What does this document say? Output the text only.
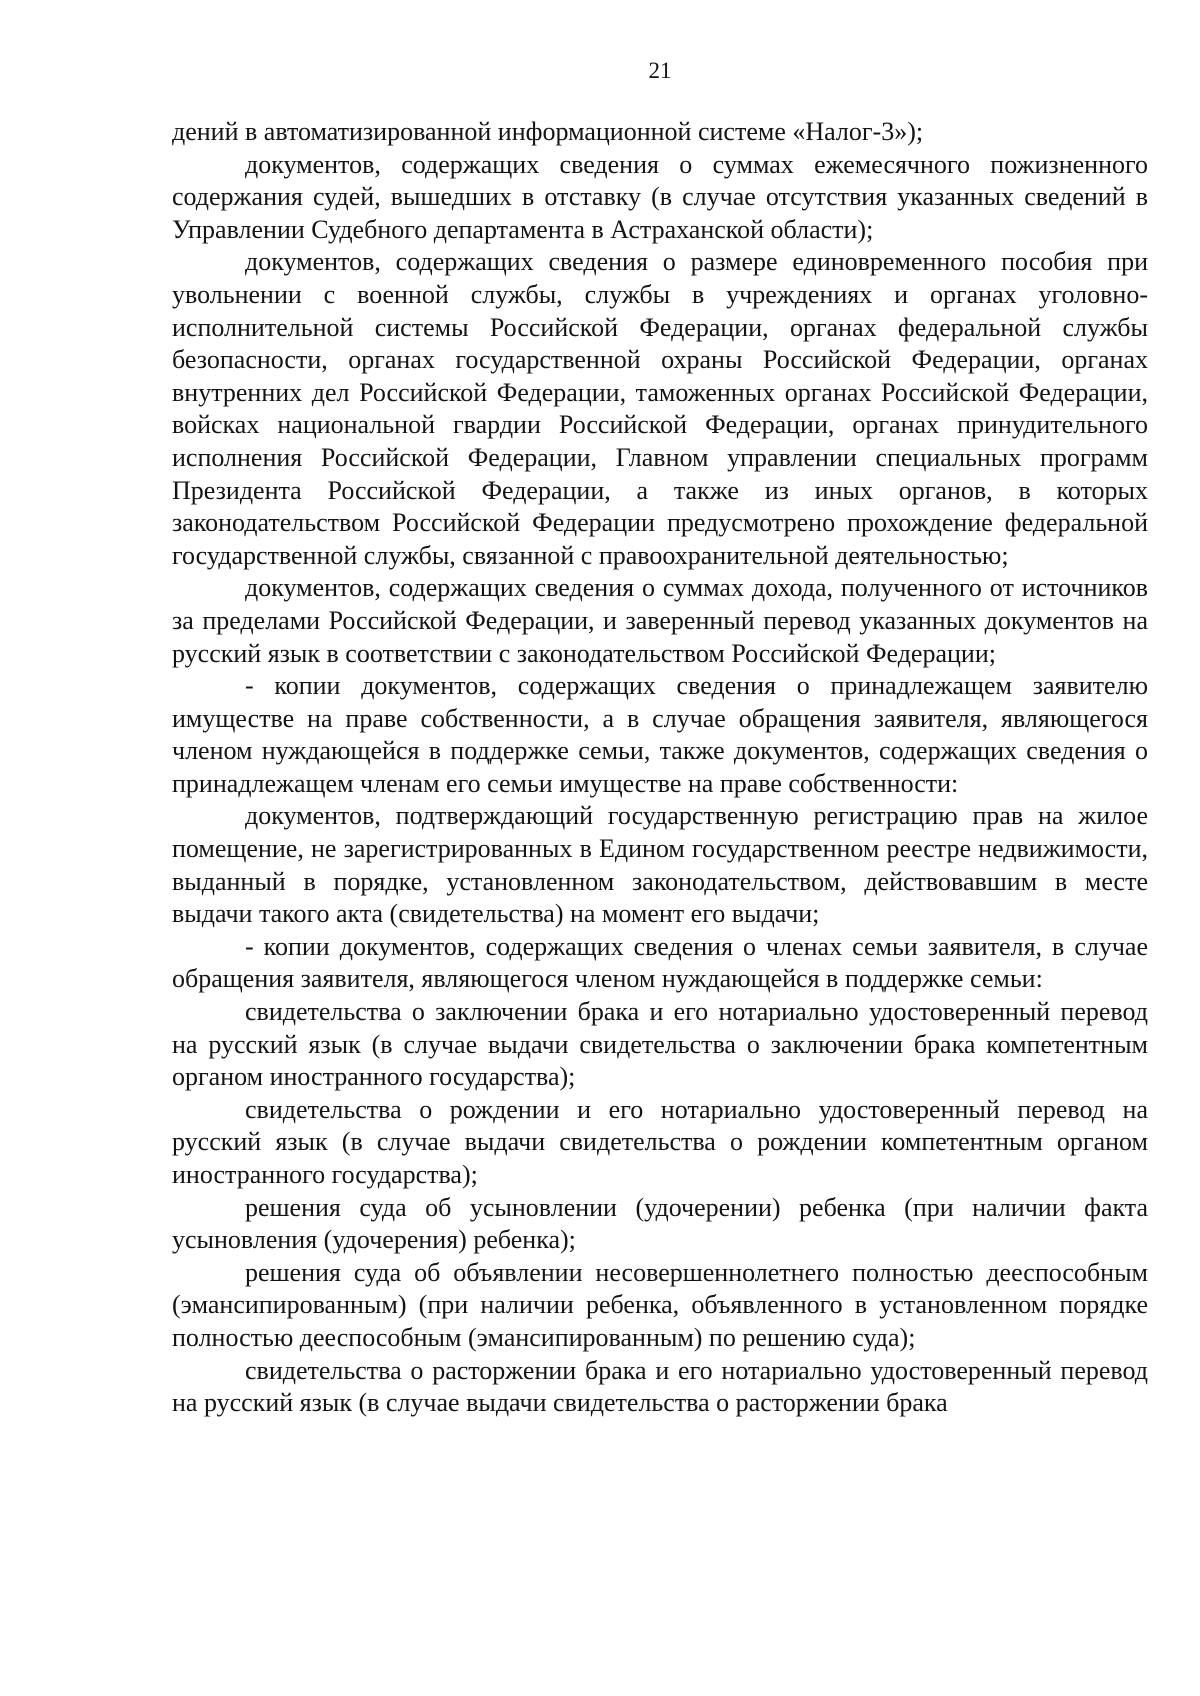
21

дений в автоматизированной информационной системе «Налог-3»);

документов, содержащих сведения о суммах ежемесячного пожизненного содержания судей, вышедших в отставку (в случае отсутствия указанных сведений в Управлении Судебного департамента в Астраханской области);

документов, содержащих сведения о размере единовременного пособия при увольнении с военной службы, службы в учреждениях и органах уголовно-исполнительной системы Российской Федерации, органах федеральной службы безопасности, органах государственной охраны Российской Федерации, органах внутренних дел Российской Федерации, таможенных органах Российской Федерации, войсках национальной гвардии Российской Федерации, органах принудительного исполнения Российской Федерации, Главном управлении специальных программ Президента Российской Федерации, а также из иных органов, в которых законодательством Российской Федерации предусмотрено прохождение федеральной государственной службы, связанной с правоохранительной деятельностью;

документов, содержащих сведения о суммах дохода, полученного от источников за пределами Российской Федерации, и заверенный перевод указанных документов на русский язык в соответствии с законодательством Российской Федерации;

- копии документов, содержащих сведения о принадлежащем заявителю имуществе на праве собственности, а в случае обращения заявителя, являющегося членом нуждающейся в поддержке семьи, также документов, содержащих сведения о принадлежащем членам его семьи имуществе на праве собственности:

документов, подтверждающий государственную регистрацию прав на жилое помещение, не зарегистрированных в Едином государственном реестре недвижимости, выданный в порядке, установленном законодательством, действовавшим в месте выдачи такого акта (свидетельства) на момент его выдачи;

- копии документов, содержащих сведения о членах семьи заявителя, в случае обращения заявителя, являющегося членом нуждающейся в поддержке семьи:

свидетельства о заключении брака и его нотариально удостоверенный перевод на русский язык (в случае выдачи свидетельства о заключении брака компетентным органом иностранного государства);

свидетельства о рождении и его нотариально удостоверенный перевод на русский язык (в случае выдачи свидетельства о рождении компетентным органом иностранного государства);

решения суда об усыновлении (удочерении) ребенка (при наличии факта усыновления (удочерения) ребенка);

решения суда об объявлении несовершеннолетнего полностью дееспособным (эмансипированным) (при наличии ребенка, объявленного в установленном порядке полностью дееспособным (эмансипированным) по решению суда);

свидетельства о расторжении брака и его нотариально удостоверенный перевод на русский язык (в случае выдачи свидетельства о расторжении брака
